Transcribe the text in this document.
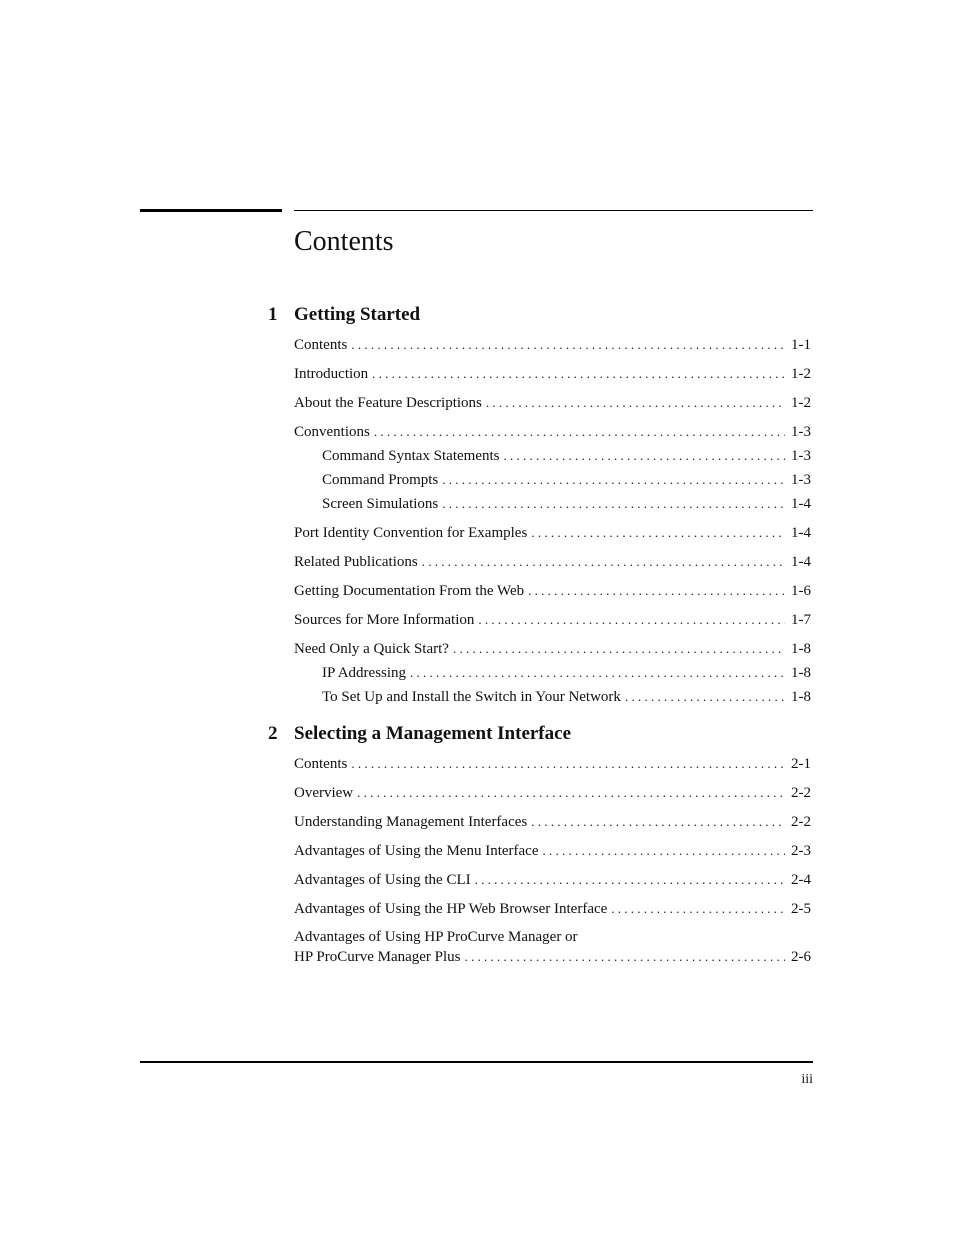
Contents
1 Getting Started
Contents . . .	1-1
Introduction . . .	1-2
About the Feature Descriptions . . .	1-2
Conventions . . .	1-3
Command Syntax Statements . . .	1-3
Command Prompts . . .	1-3
Screen Simulations . . .	1-4
Port Identity Convention for Examples . . .	1-4
Related Publications . . .	1-4
Getting Documentation From the Web . . .	1-6
Sources for More Information . . .	1-7
Need Only a Quick Start? . . .	1-8
IP Addressing . . .	1-8
To Set Up and Install the Switch in Your Network . . .	1-8
2 Selecting a Management Interface
Contents . . .	2-1
Overview . . .	2-2
Understanding Management Interfaces . . .	2-2
Advantages of Using the Menu Interface . . .	2-3
Advantages of Using the CLI . . .	2-4
Advantages of Using the HP Web Browser Interface . . .	2-5
Advantages of Using HP ProCurve Manager or
HP ProCurve Manager Plus . . .	2-6
iii
